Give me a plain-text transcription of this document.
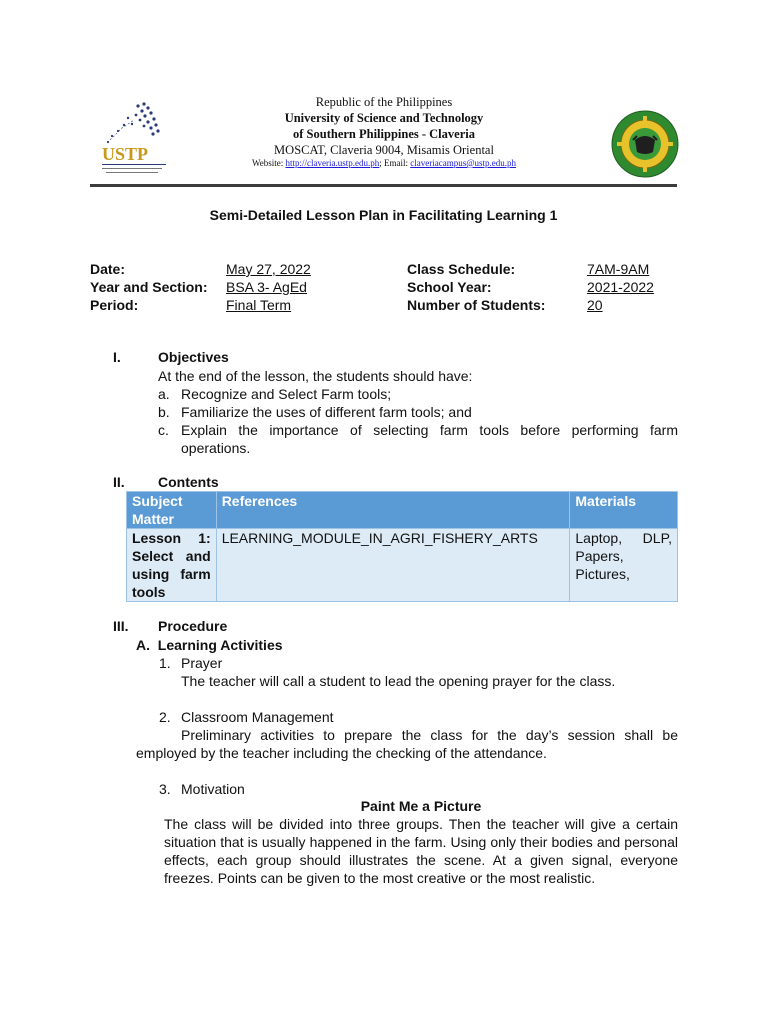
USTP
Republic of the Philippines
University of Science and Technology
of Southern Philippines - Claveria
MOSCAT, Claveria 9004, Misamis Oriental
Website: http://claveria.ustp.edu.ph; Email: claveriacampus@ustp.edu.ph
Semi-Detailed Lesson Plan in Facilitating Learning 1
Date:	May 27, 2022
Year and Section: BSA 3- AgEd
Period:	Final Term
Class Schedule:	7AM-9AM
School Year:	2021-2022
Number of Students:	20
I.	Objectives
At the end of the lesson, the students should have:
a. Recognize and Select Farm tools;
b. Familiarize the uses of different farm tools; and
c. Explain the importance of selecting farm tools before performing farm operations.
II. Contents
Subject Matter	References	Materials
Lesson 1: Select and using farm tools	LEARNING_MODULE_IN_AGRI_FISHERY_ARTS	Laptop, DLP, Papers, Pictures,
III. Procedure
A.  Learning Activities
1. Prayer
The teacher will call a student to lead the opening prayer for the class.
2. Classroom Management
Preliminary activities to prepare the class for the day’s session shall be employed by the teacher including the checking of the attendance.
3. Motivation
Paint Me a Picture
The class will be divided into three groups. Then the teacher will give a certain situation that is usually happened in the farm. Using only their bodies and personal effects, each group should illustrates the scene. At a given signal, everyone freezes. Points can be given to the most creative or the most realistic.
